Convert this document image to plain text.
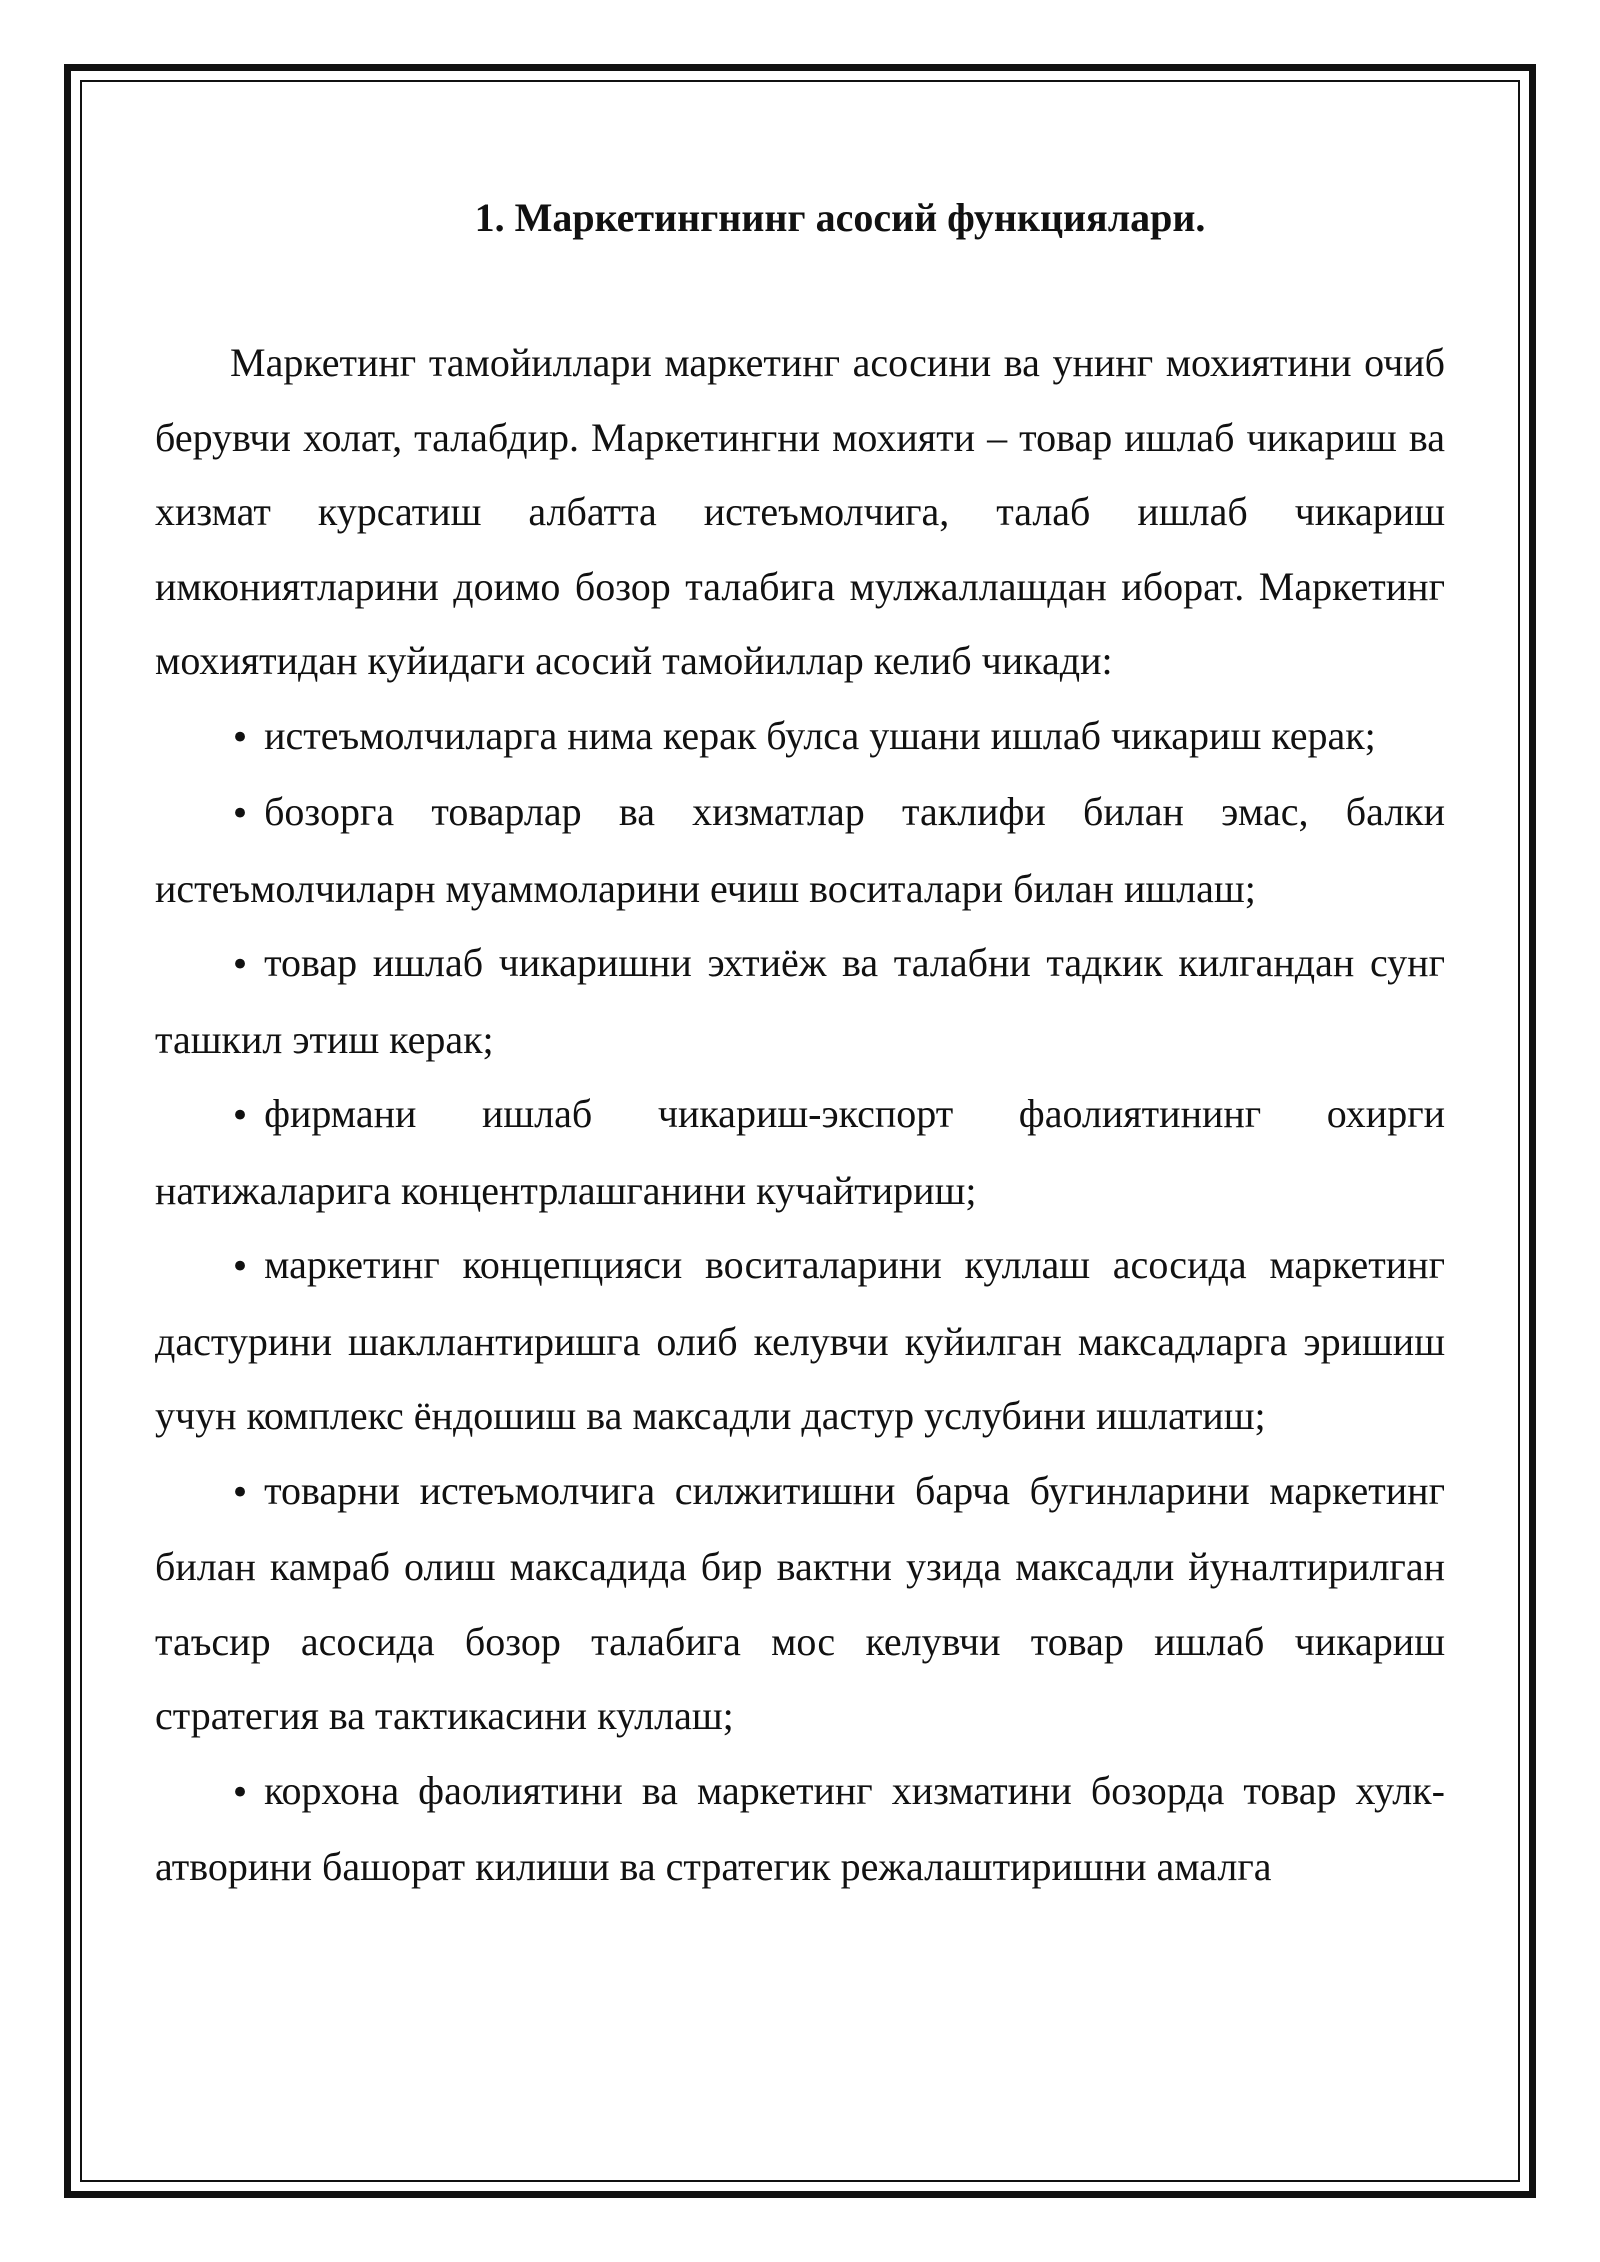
1. Маркетингнинг асосий функциялари.

Маркетинг тамойиллари маркетинг асосини ва унинг мохиятини очиб берувчи холат, талабдир. Маркетингни мохияти – товар ишлаб чикариш ва хизмат курсатиш албатта истеъмолчига, талаб ишлаб чикариш имкониятларини доимо бозор талабига мулжаллашдан иборат. Маркетинг мохиятидан куйидаги асосий тамойиллар келиб чикади:

• истеъмолчиларга нима керак булса ушани ишлаб чикариш керак;

• бозорга товарлар ва хизматлар таклифи билан эмас, балки истеъмолчиларн муаммоларини ечиш воситалари билан ишлаш;

• товар ишлаб чикаришни эхтиёж ва талабни тадкик килгандан сунг ташкил этиш керак;

• фирмани ишлаб чикариш-экспорт фаолиятининг охирги натижаларига концентрлашганини кучайтириш;

• маркетинг концепцияси воситаларини куллаш асосида маркетинг дастурини шакллантиришга олиб келувчи куйилган максадларга эришиш учун комплекс ёндошиш ва максадли дастур услубини ишлатиш;

• товарни истеъмолчига силжитишни барча бугинларини маркетинг билан камраб олиш максадида бир вактни узида максадли йуналтирилган таъсир асосида бозор талабига мос келувчи товар ишлаб чикариш стратегия ва тактикасини куллаш;

• корхона фаолиятини ва маркетинг хизматини бозорда товар хулк-атворини башорат килиши ва стратегик режалаштиришни амалга
